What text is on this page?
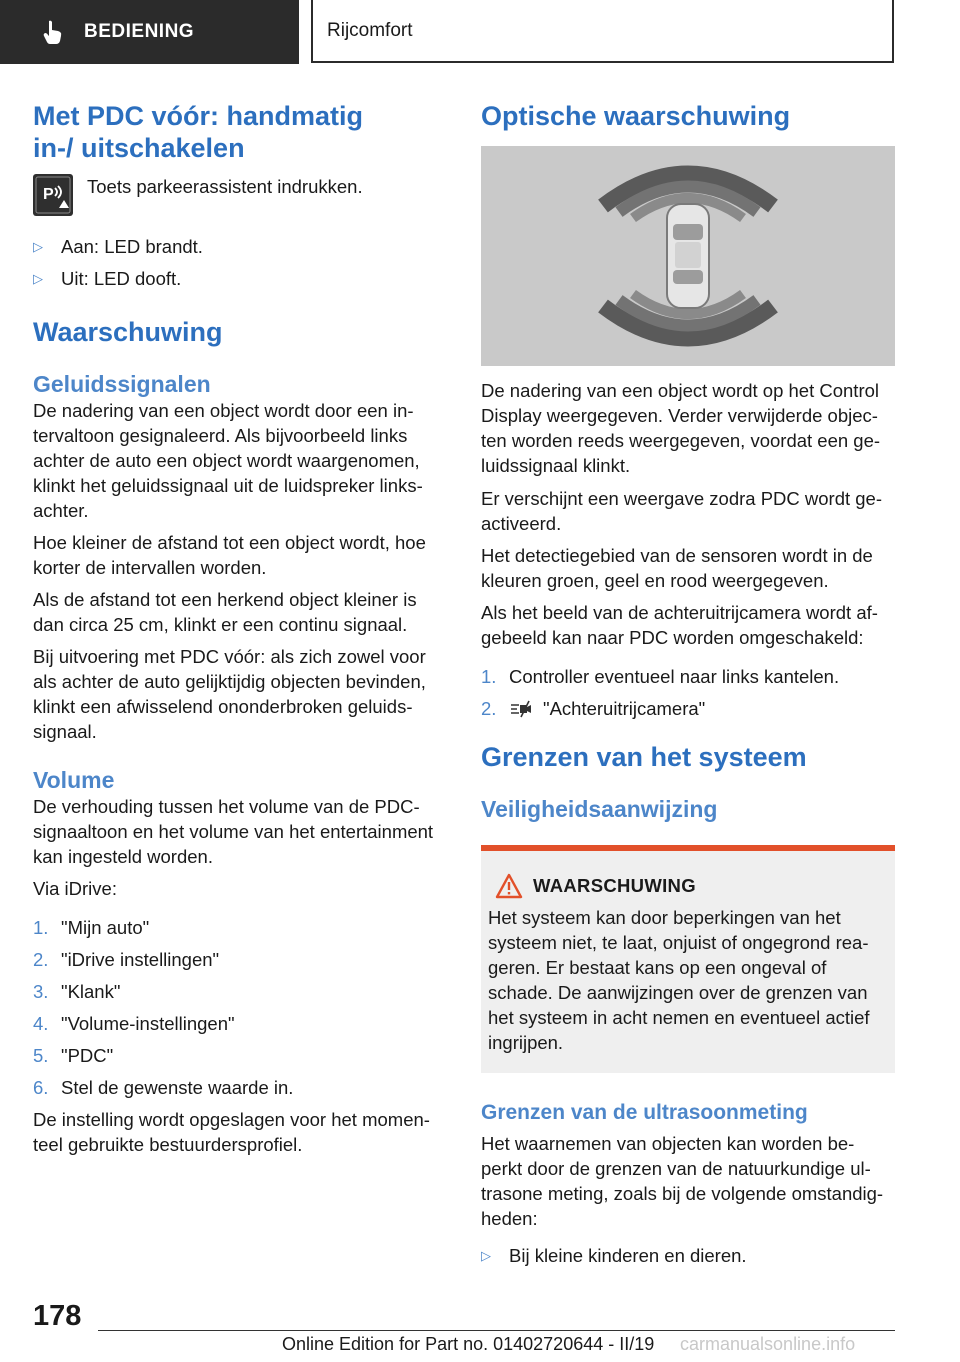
BEDIENING	Rijcomfort
Met PDC vóór: handmatig in-/ uitschakelen
P Toets parkeerassistent indrukken.

▷ Aan: LED brandt.
▷ Uit: LED dooft.
Waarschuwing
Geluidssignalen

De nadering van een object wordt door een in-tervaltoon gesignaleerd. Als bijvoorbeeld links achter de auto een object wordt waargenomen, klinkt het geluidssignaal uit de luidspreker links-achter.

Hoe kleiner de afstand tot een object wordt, hoe korter de intervallen worden.

Als de afstand tot een herkend object kleiner is dan circa 25 cm, klinkt er een continu signaal.

Bij uitvoering met PDC vóór: als zich zowel voor als achter de auto gelijktijdig objecten bevinden, klinkt een afwisselend ononderbroken geluids-signaal.

Volume

De verhouding tussen het volume van de PDC-signaaltoon en het volume van het entertainment kan ingesteld worden.

Via iDrive:

1. "Mijn auto"
2. "iDrive instellingen"
3. "Klank"
4. "Volume-instellingen"
5. "PDC"
6. Stel de gewenste waarde in.

De instelling wordt opgeslagen voor het momen-teel gebruikte bestuurdersprofiel.

Optische waarschuwing

De nadering van een object wordt op het Control Display weergegeven. Verder verwijderde objec-ten worden reeds weergegeven, voordat een ge-luidssignaal klinkt.

Er verschijnt een weergave zodra PDC wordt ge-activeerd.

Het detectiegebied van de sensoren wordt in de kleuren groen, geel en rood weergegeven.

Als het beeld van de achteruitrijcamera wordt af-gebeeld kan naar PDC worden omgeschakeld:

1. Controller eventueel naar links kantelen.
2.	"Achteruitrijcamera"
Grenzen van het systeem
Veiligheidsaanwijzing
WAARSCHUWING

Het systeem kan door beperkingen van het systeem niet, te laat, onjuist of ongegrond rea-geren. Er bestaat kans op een ongeval of schade. De aanwijzingen over de grenzen van het systeem in acht nemen en eventueel actief ingrijpen.

Grenzen van de ultrasoonmeting

Het waarnemen van objecten kan worden be-perkt door de grenzen van de natuurkundige ul-trasone meting, zoals bij de volgende omstandig-heden:

▷ Bij kleine kinderen en dieren.
178
Online Edition for Part no. 01402720644 - II/19 carmanualsonline.info
